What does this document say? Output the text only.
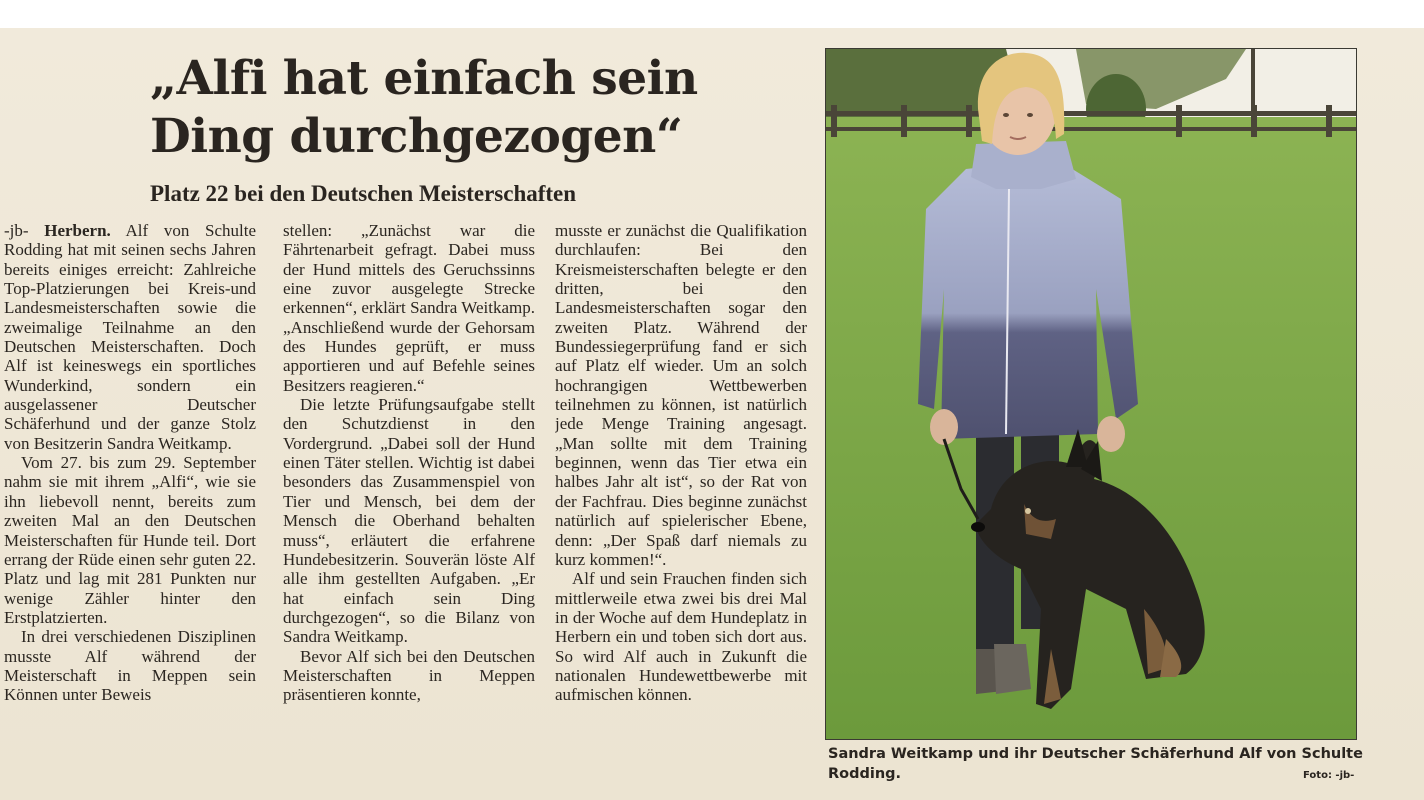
„Alfi hat einfach sein
Ding durchgezogen“
Platz 22 bei den Deutschen Meisterschaften

-jb- Herbern. Alf von Schulte Rodding hat mit seinen sechs Jahren bereits einiges erreicht: Zahlreiche Top-Platzierungen bei Kreis-und Landesmeisterschaften sowie die zweimalige Teilnahme an den Deutschen Meisterschaften. Doch Alf ist keineswegs ein sportliches Wunderkind, sondern ein ausgelassener Deutscher Schäferhund und der ganze Stolz von Besitzerin Sandra Weitkamp.

Vom 27. bis zum 29. September nahm sie mit ihrem „Alfi“, wie sie ihn liebevoll nennt, bereits zum zweiten Mal an den Deutschen Meisterschaften für Hunde teil. Dort errang der Rüde einen sehr guten 22. Platz und lag mit 281 Punkten nur wenige Zähler hinter den Erstplatzierten.

In drei verschiedenen Disziplinen musste Alf während der Meisterschaft in Meppen sein Können unter Beweis

stellen: „Zunächst war die Fährtenarbeit gefragt. Dabei muss der Hund mittels des Geruchssinns eine zuvor ausgelegte Strecke erkennen“, erklärt Sandra Weitkamp. „Anschließend wurde der Gehorsam des Hundes geprüft, er muss apportieren und auf Befehle seines Besitzers reagieren.“

Die letzte Prüfungsaufgabe stellt den Schutzdienst in den Vordergrund. „Dabei soll der Hund einen Täter stellen. Wichtig ist dabei besonders das Zusammenspiel von Tier und Mensch, bei dem der Mensch die Oberhand behalten muss“, erläutert die erfahrene Hundebesitzerin. Souverän löste Alf alle ihm gestellten Aufgaben. „Er hat einfach sein Ding durchgezogen“, so die Bilanz von Sandra Weitkamp.

Bevor Alf sich bei den Deutschen Meisterschaften in Meppen präsentieren konnte,

musste er zunächst die Qualifikation durchlaufen: Bei den Kreismeisterschaften belegte er den dritten, bei den Landesmeisterschaften sogar den zweiten Platz. Während der Bundessiegerprüfung fand er sich auf Platz elf wieder. Um an solch hochrangigen Wettbewerben teilnehmen zu können, ist natürlich jede Menge Training angesagt. „Man sollte mit dem Training beginnen, wenn das Tier etwa ein halbes Jahr alt ist“, so der Rat von der Fachfrau. Dies beginne zunächst natürlich auf spielerischer Ebene, denn: „Der Spaß darf niemals zu kurz kommen!“.

Alf und sein Frauchen finden sich mittlerweile etwa zwei bis drei Mal in der Woche auf dem Hundeplatz in Herbern ein und toben sich dort aus. So wird Alf auch in Zukunft die nationalen Hundewettbewerbe mit aufmischen können.

Sandra Weitkamp und ihr Deutscher Schäferhund Alf von Schulte Rodding.	Foto: -jb-
